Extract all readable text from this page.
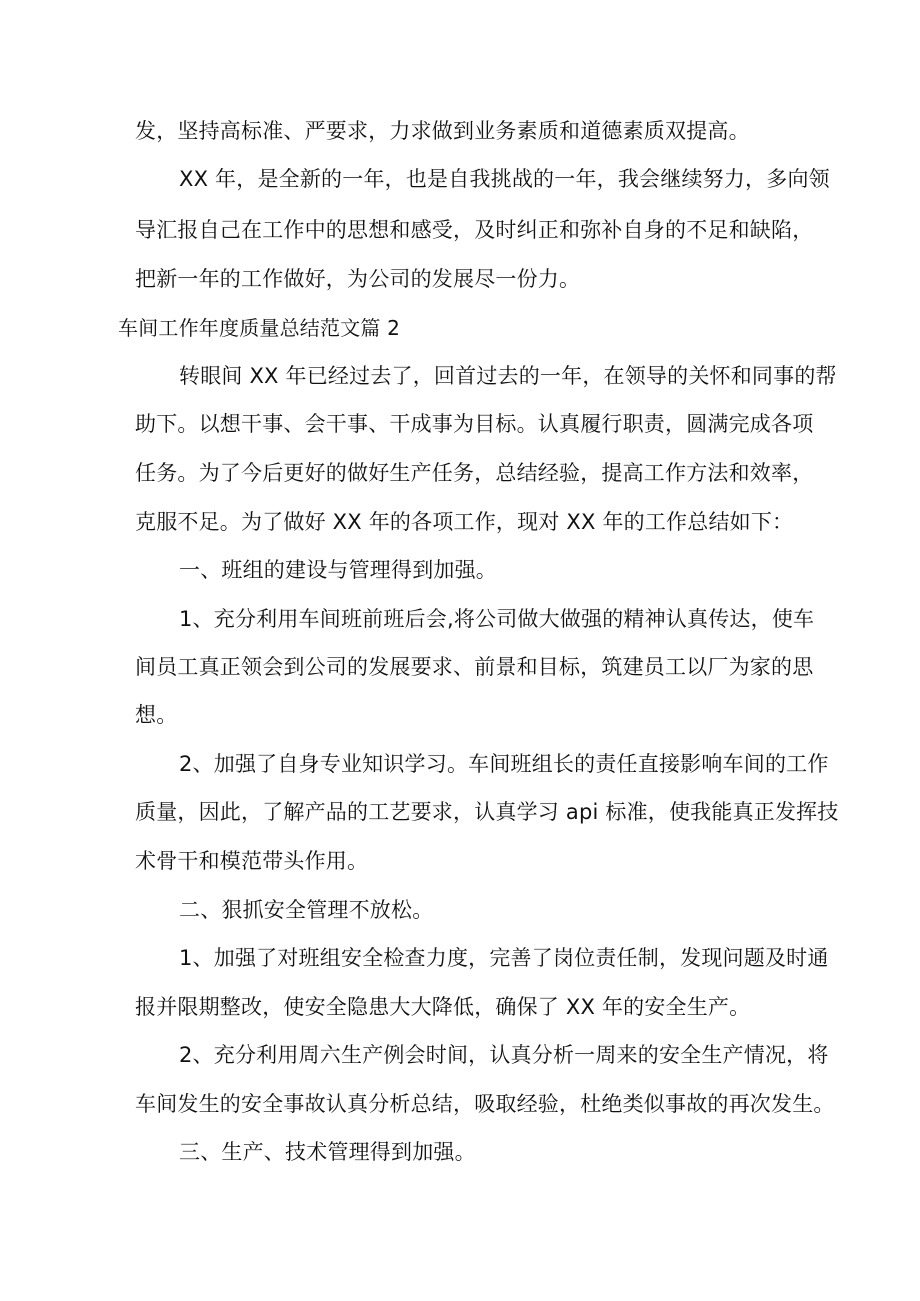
发，坚持高标准、严要求，力求做到业务素质和道德素质双提高。
XX 年，是全新的一年，也是自我挑战的一年，我会继续努力，多向领
导汇报自己在工作中的思想和感受，及时纠正和弥补自身的不足和缺陷，
把新一年的工作做好，为公司的发展尽一份力。
车间工作年度质量总结范文篇 2
转眼间 XX 年已经过去了，回首过去的一年，在领导的关怀和同事的帮
助下。以想干事、会干事、干成事为目标。认真履行职责，圆满完成各项
任务。为了今后更好的做好生产任务，总结经验，提高工作方法和效率，
克服不足。为了做好 XX 年的各项工作，现对 XX 年的工作总结如下：
一、班组的建设与管理得到加强。
1、充分利用车间班前班后会,将公司做大做强的精神认真传达，使车
间员工真正领会到公司的发展要求、前景和目标，筑建员工以厂为家的思
想。
2、加强了自身专业知识学习。车间班组长的责任直接影响车间的工作
质量，因此，了解产品的工艺要求，认真学习 api 标准，使我能真正发挥技
术骨干和模范带头作用。
二、狠抓安全管理不放松。
1、加强了对班组安全检查力度，完善了岗位责任制，发现问题及时通
报并限期整改，使安全隐患大大降低，确保了 XX 年的安全生产。
2、充分利用周六生产例会时间，认真分析一周来的安全生产情况，将
车间发生的安全事故认真分析总结，吸取经验，杜绝类似事故的再次发生。
三、生产、技术管理得到加强。
